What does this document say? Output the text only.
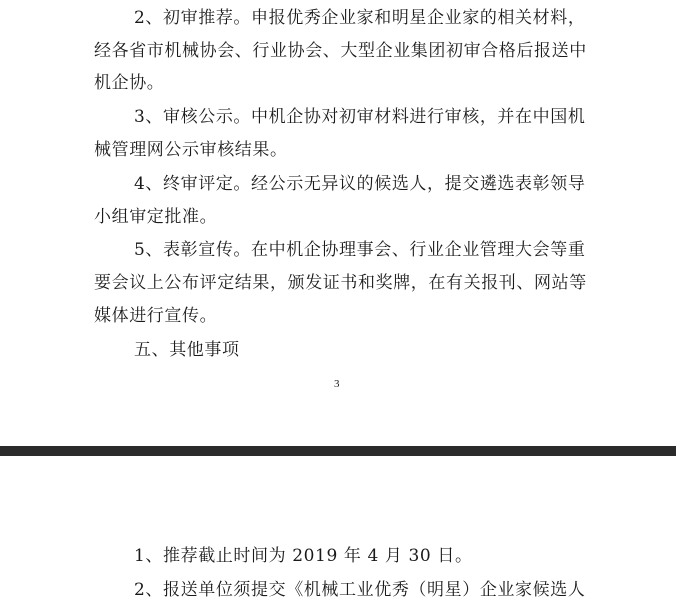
2、初审推荐。申报优秀企业家和明星企业家的相关材料，
经各省市机械协会、行业协会、大型企业集团初审合格后报送中
机企协。
3、审核公示。中机企协对初审材料进行审核，并在中国机
械管理网公示审核结果。
4、终审评定。经公示无异议的候选人，提交遴选表彰领导
小组审定批准。
5、表彰宣传。在中机企协理事会、行业企业管理大会等重
要会议上公布评定结果，颁发证书和奖牌，在有关报刊、网站等
媒体进行宣传。
五、其他事项
3
1、推荐截止时间为 2019 年 4 月 30 日。
2、报送单位须提交《机械工业优秀（明星）企业家候选人
